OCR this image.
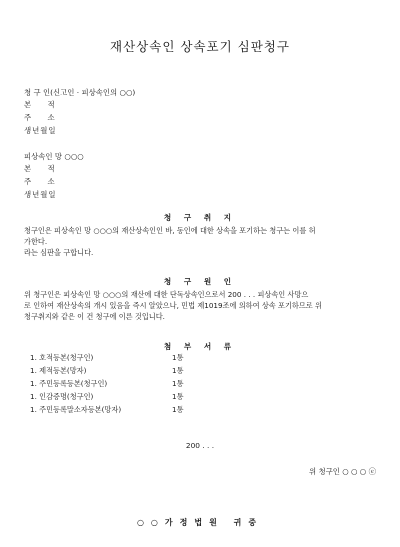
재산상속인 상속포기 심판청구
청 구 인(신고인 · 피상속인의 ○○)
본 적
주 소
생년월일
피상속인 망 ○○○
본 적
주 소
생년월일
청 구 취 지
청구인은 피상속인 망 ○○○의 재산상속인인 바, 동인에 대한 상속을 포기하는 청구는 이를 허
가한다.
라는 심판을 구합니다.
청 구 원 인
위 청구인은 피상속인 망 ○○○의 재산에 대한 단독상속인으로서 200 . . . 피상속인 사망으
로 인하여 재산상속의 개시 있음을 즉시 알았으나, 민법 제1019조에 의하여 상속 포기하므로 위
청구취지와 같은 이 건 청구에 이른 것입니다.
첨 부 서 류
1. 호적등본(청구인)	1통
1. 제적등본(망자)	1통
1. 주민등록등본(청구인)	1통
1. 인감증명(청구인)	1통
1. 주민등록말소자등본(망자)	1통
200 . . .
위 청구인 ○ ○ ○ ⓔ
○○가정법원 귀중
